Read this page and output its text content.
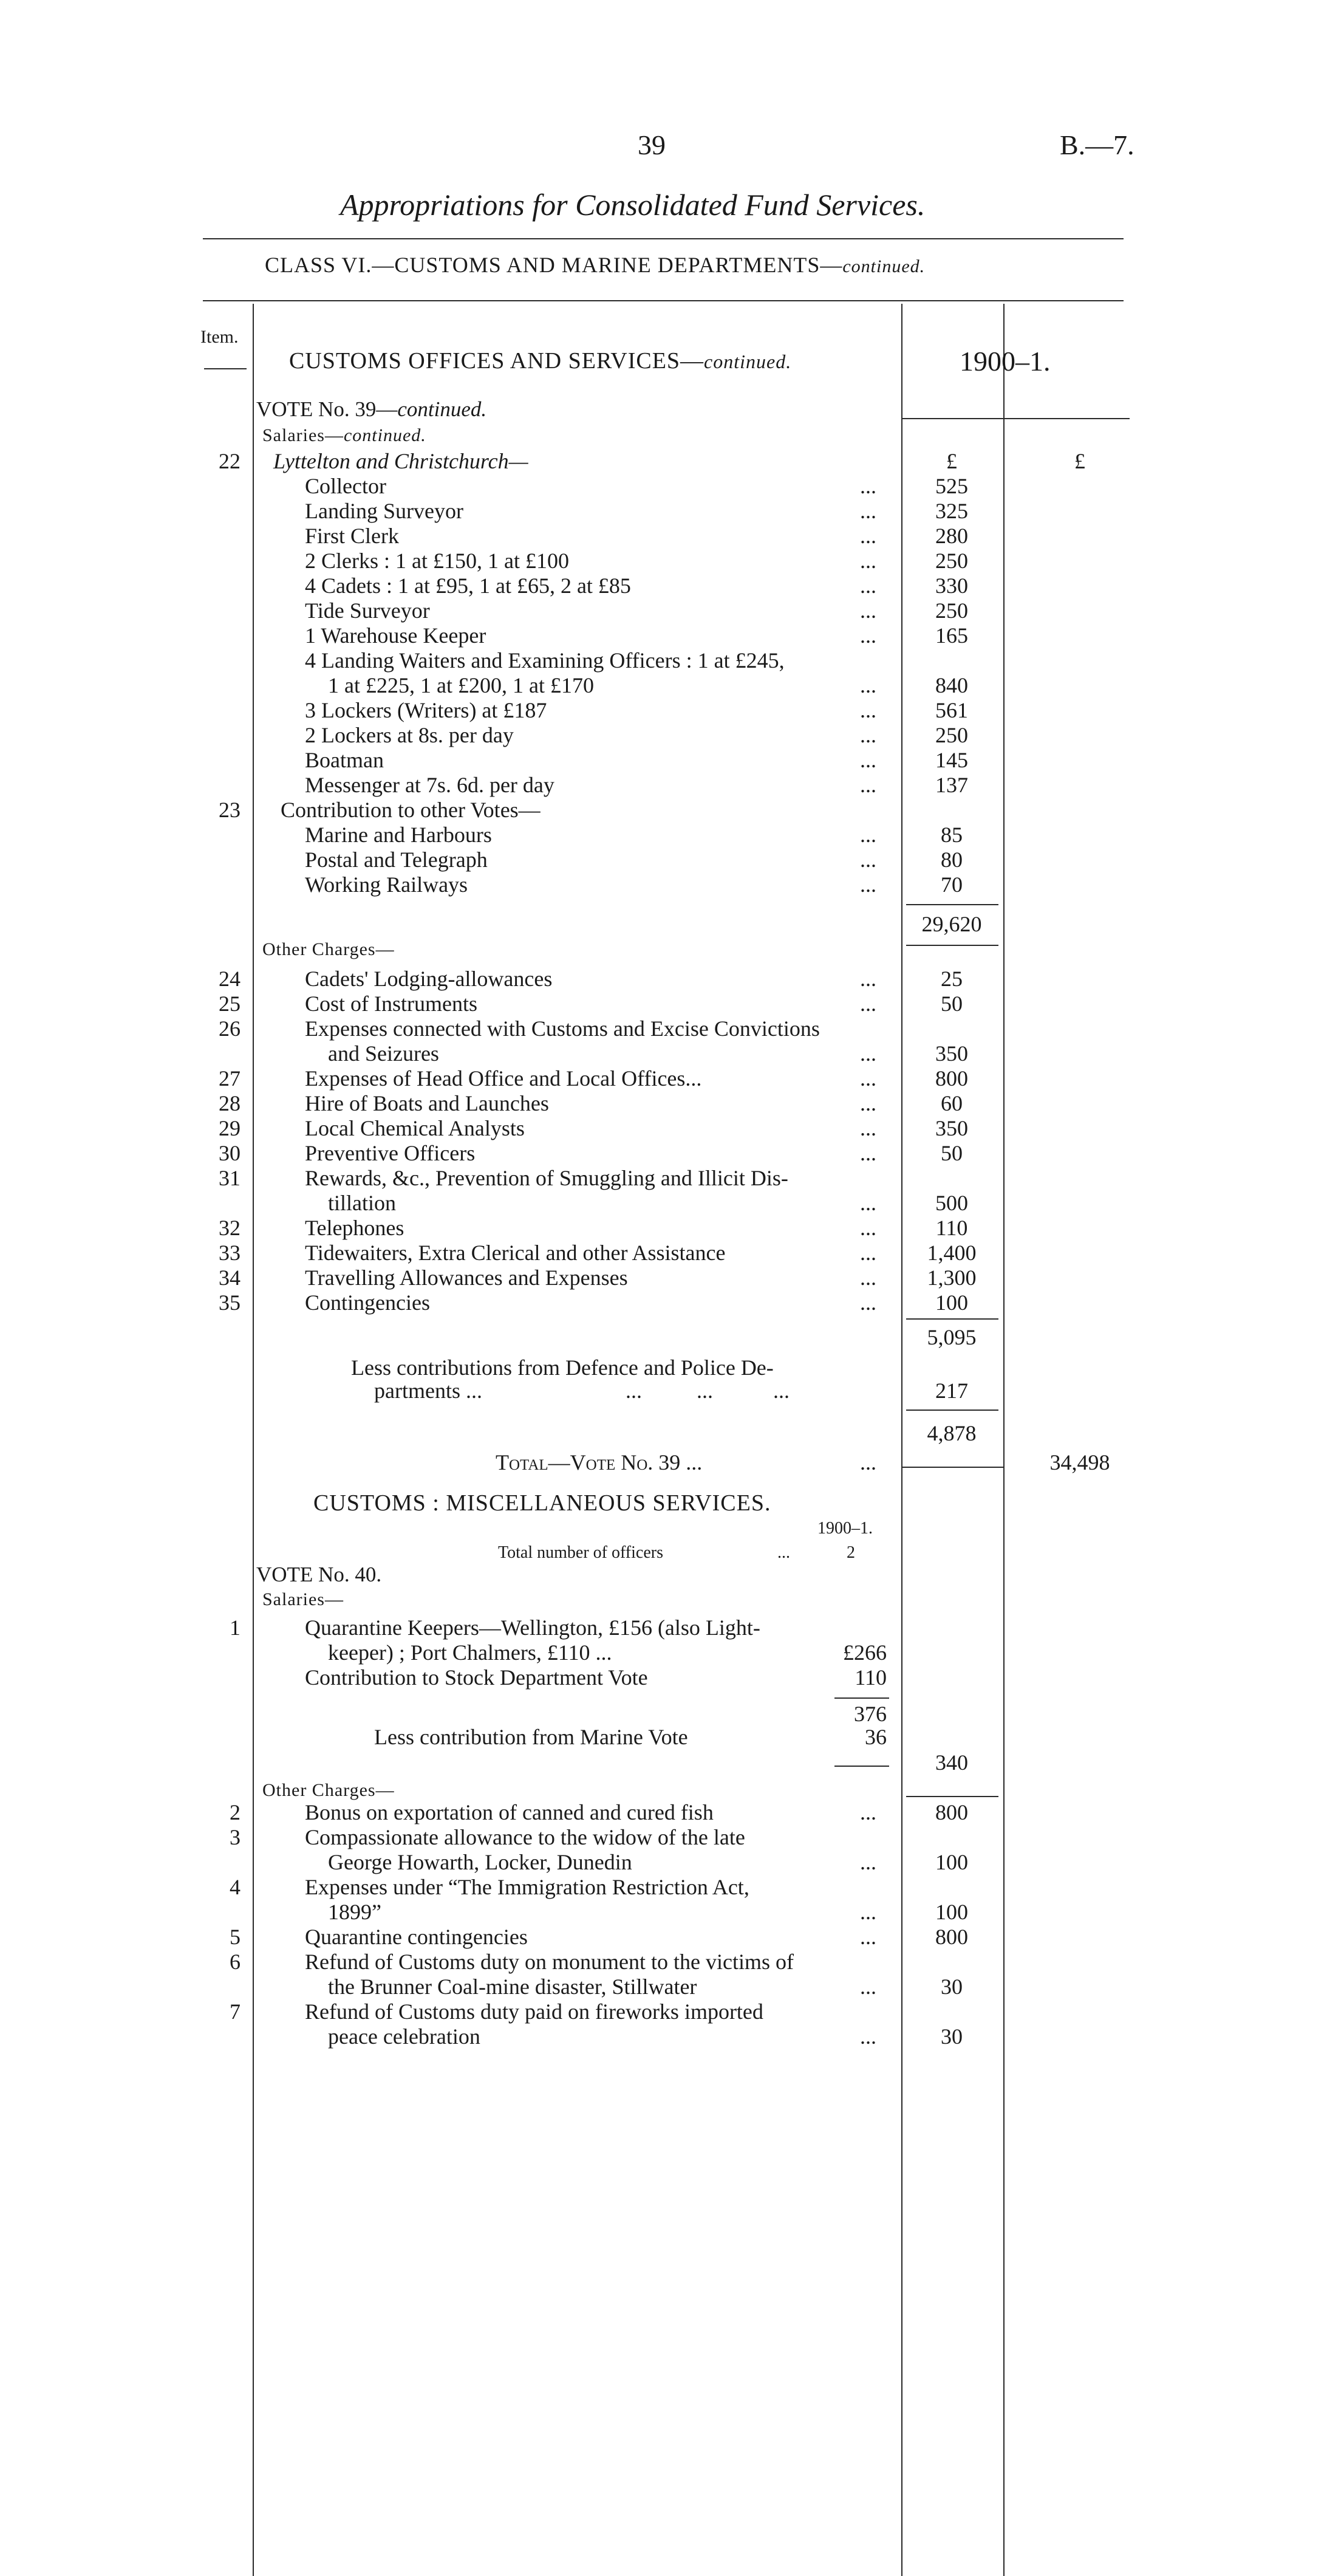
39	B.—7.
Appropriations for Consolidated Fund Services.
CLASS VI.—CUSTOMS AND MARINE DEPARTMENTS—continued.
Item.
CUSTOMS OFFICES AND SERVICES—continued.	1900–1.
VOTE No. 39—continued.
Salaries—continued.
£	£
22 Lyttelton and Christchurch—
Collector	...	525
Landing Surveyor	...	325
First Clerk	...	280
2 Clerks : 1 at £150, 1 at £100	...	250
4 Cadets : 1 at £95, 1 at £65, 2 at £85	...	330
Tide Surveyor	...	250
1 Warehouse Keeper	...	165
4 Landing Waiters and Examining Officers : 1 at £245,
1 at £225, 1 at £200, 1 at £170	...	840
3 Lockers (Writers) at £187	...	561
2 Lockers at 8s. per day	...	250
Boatman	...	145
Messenger at 7s. 6d. per day	...	137
23 Contribution to other Votes—
Marine and Harbours	...	85
Postal and Telegraph	...	80
Working Railways	...	70
29,620
Other Charges—
24	Cadets' Lodging-allowances	...	25
25	Cost of Instruments	...	50
26	Expenses connected with Customs and Excise Convictions
and Seizures	...	350
27	Expenses of Head Office and Local Offices...	...	800
28	Hire of Boats and Launches	...	60
29	Local Chemical Analysts	...	350
30	Preventive Officers	...	50
31	Rewards, &c., Prevention of Smuggling and Illicit Dis-
tillation	...	500
32	Telephones	...	110
33	Tidewaiters, Extra Clerical and other Assistance	...	1,400
34	Travelling Allowances and Expenses	...	1,300
35	Contingencies	...	100
5,095
Less contributions from Defence and Police De-
partments ...	...          ...           ...	217
4,878
Total—Vote No. 39 ...	...	34,498
CUSTOMS : MISCELLANEOUS SERVICES.
1900–1.
Total number of officers	...	2
VOTE No. 40.
Salaries—
1	Quarantine Keepers—Wellington, £156 (also Light-
keeper) ; Port Chalmers, £110 ...	£266
Contribution to Stock Department Vote	110
376
Less contribution from Marine Vote	36
340
Other Charges—
2	Bonus on exportation of canned and cured fish	...	800
3	Compassionate allowance to the widow of the late
George Howarth, Locker, Dunedin	...	100
4	Expenses under “The Immigration Restriction Act,
1899”	...	100
5	Quarantine contingencies	...	800
6	Refund of Customs duty on monument to the victims of
the Brunner Coal-mine disaster, Stillwater	...	30
7	Refund of Customs duty paid on fireworks imported
peace celebration	...	30
